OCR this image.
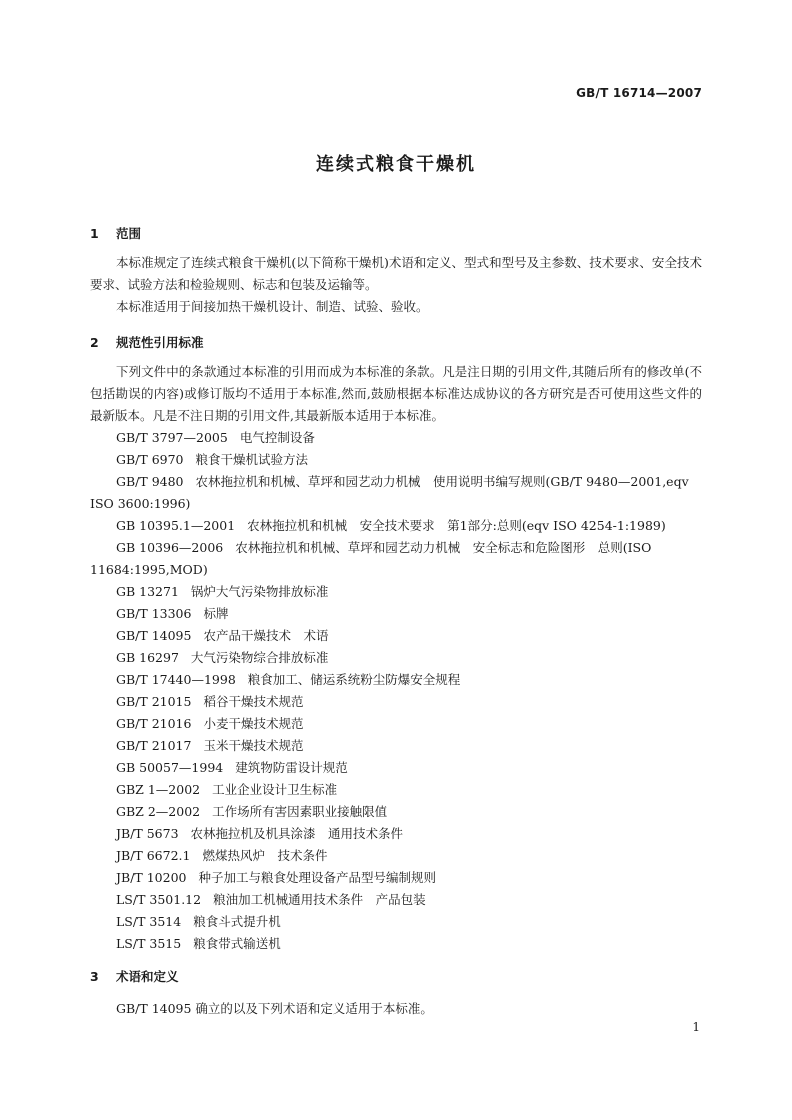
GB/T 16714—2007
连续式粮食干燥机
1 范围
本标准规定了连续式粮食干燥机(以下简称干燥机)术语和定义、型式和型号及主参数、技术要求、安全技术要求、试验方法和检验规则、标志和包装及运输等。
本标准适用于间接加热干燥机设计、制造、试验、验收。
2 规范性引用标准
下列文件中的条款通过本标准的引用而成为本标准的条款。凡是注日期的引用文件,其随后所有的修改单(不包括勘误的内容)或修订版均不适用于本标准,然而,鼓励根据本标准达成协议的各方研究是否可使用这些文件的最新版本。凡是不注日期的引用文件,其最新版本适用于本标准。
GB/T 3797—2005 电气控制设备
GB/T 6970 粮食干燥机试验方法
GB/T 9480 农林拖拉机和机械、草坪和园艺动力机械　使用说明书编写规则(GB/T 9480—2001,eqv ISO 3600:1996)
GB 10395.1—2001 农林拖拉机和机械　安全技术要求　第1部分:总则(eqv ISO 4254-1:1989)
GB 10396—2006 农林拖拉机和机械、草坪和园艺动力机械　安全标志和危险图形　总则(ISO 11684:1995,MOD)
GB 13271 锅炉大气污染物排放标准
GB/T 13306 标牌
GB/T 14095 农产品干燥技术　术语
GB 16297 大气污染物综合排放标准
GB/T 17440—1998 粮食加工、储运系统粉尘防爆安全规程
GB/T 21015 稻谷干燥技术规范
GB/T 21016 小麦干燥技术规范
GB/T 21017 玉米干燥技术规范
GB 50057—1994 建筑物防雷设计规范
GBZ 1—2002 工业企业设计卫生标准
GBZ 2—2002 工作场所有害因素职业接触限值
JB/T 5673 农林拖拉机及机具涂漆　通用技术条件
JB/T 6672.1 燃煤热风炉　技术条件
JB/T 10200 种子加工与粮食处理设备产品型号编制规则
LS/T 3501.12 粮油加工机械通用技术条件　产品包装
LS/T 3514 粮食斗式提升机
LS/T 3515 粮食带式输送机
3 术语和定义
GB/T 14095 确立的以及下列术语和定义适用于本标准。
1
